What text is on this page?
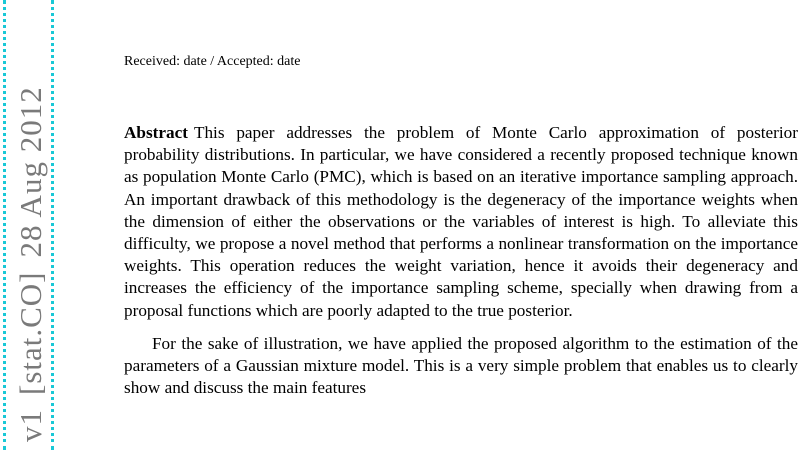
v1[stat.CO]28 Aug 2012
Received: date / Accepted: date
Abstract This paper addresses the problem of Monte Carlo approximation of posterior probability distributions. In particular, we have considered a recently proposed technique known as population Monte Carlo (PMC), which is based on an iterative importance sampling approach. An important drawback of this methodology is the degeneracy of the importance weights when the dimension of either the observations or the variables of interest is high. To alleviate this difficulty, we propose a novel method that performs a nonlinear transformation on the importance weights. This operation reduces the weight variation, hence it avoids their degeneracy and increases the efficiency of the importance sampling scheme, specially when drawing from a proposal functions which are poorly adapted to the true posterior.
For the sake of illustration, we have applied the proposed algorithm to the estimation of the parameters of a Gaussian mixture model. This is a very simple problem that enables us to clearly show and discuss the main features
